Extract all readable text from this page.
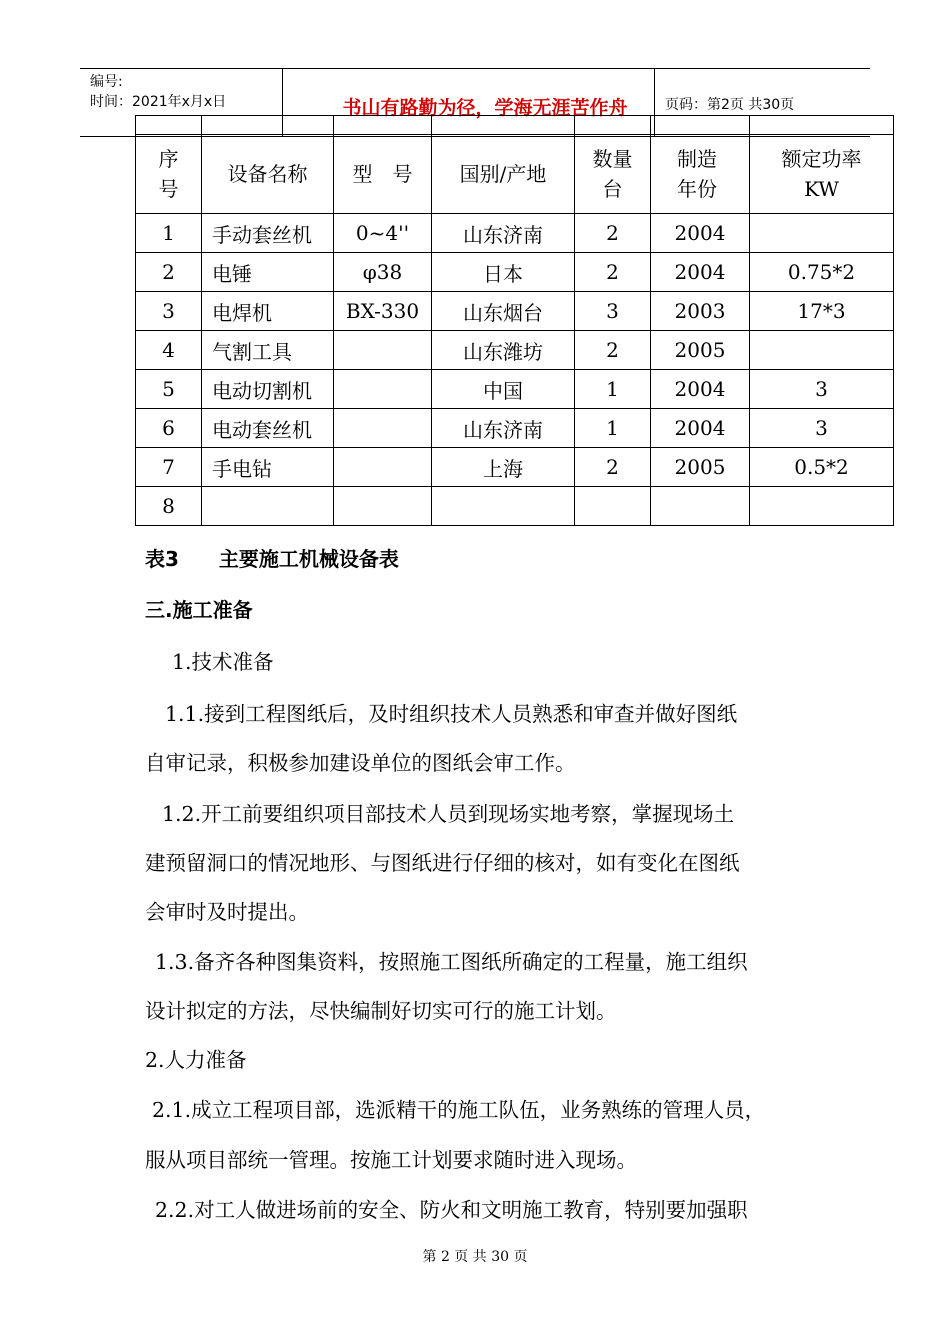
编号:
时间：2021年x月x日	书山有路勤为径，学海无涯苦作舟	页码：第2页 共30页

序号	设备名称	型　号	国别/产地	数量台	制造年份	额定功率KW
1	手动套丝机	0~4''	山东济南	2	2004	
2	电锤	φ38	日本	2	2004	0.75*2
3	电焊机	BX-330	山东烟台	3	2003	17*3
4	气割工具		山东潍坊	2	2005	
5	电动切割机		中国	1	2004	3
6	电动套丝机		山东济南	1	2004	3
7	手电钻		上海	2	2005	0.5*2
8						
表3　　主要施工机械设备表
三.施工准备
1.技术准备
1.1.接到工程图纸后，及时组织技术人员熟悉和审查并做好图纸
自审记录，积极参加建设单位的图纸会审工作。
1.2.开工前要组织项目部技术人员到现场实地考察，掌握现场土
建预留洞口的情况地形、与图纸进行仔细的核对，如有变化在图纸
会审时及时提出。
1.3.备齐各种图集资料，按照施工图纸所确定的工程量，施工组织
设计拟定的方法，尽快编制好切实可行的施工计划。
2.人力准备
2.1.成立工程项目部，选派精干的施工队伍，业务熟练的管理人员，
服从项目部统一管理。按施工计划要求随时进入现场。
2.2.对工人做进场前的安全、防火和文明施工教育，特别要加强职
第 2 页 共 30 页
